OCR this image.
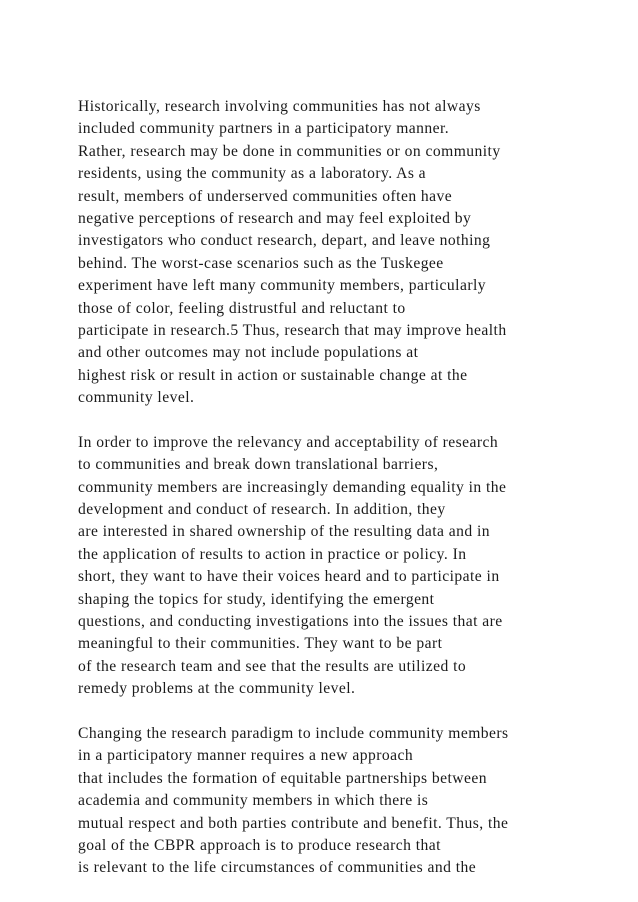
Historically, research involving communities has not always
included community partners in a participatory manner.
Rather, research may be done in communities or on community
residents, using the community as a laboratory. As a
result, members of underserved communities often have
negative perceptions of research and may feel exploited by
investigators who conduct research, depart, and leave nothing
behind. The worst-case scenarios such as the Tuskegee
experiment have left many community members, particularly
those of color, feeling distrustful and reluctant to
participate in research.5 Thus, research that may improve health
and other outcomes may not include populations at
highest risk or result in action or sustainable change at the
community level.

In order to improve the relevancy and acceptability of research
to communities and break down translational barriers,
community members are increasingly demanding equality in the
development and conduct of research. In addition, they
are interested in shared ownership of the resulting data and in
the application of results to action in practice or policy. In
short, they want to have their voices heard and to participate in
shaping the topics for study, identifying the emergent
questions, and conducting investigations into the issues that are
meaningful to their communities. They want to be part
of the research team and see that the results are utilized to
remedy problems at the community level.

Changing the research paradigm to include community members
in a participatory manner requires a new approach
that includes the formation of equitable partnerships between
academia and community members in which there is
mutual respect and both parties contribute and benefit. Thus, the
goal of the CBPR approach is to produce research that
is relevant to the life circumstances of communities and the
